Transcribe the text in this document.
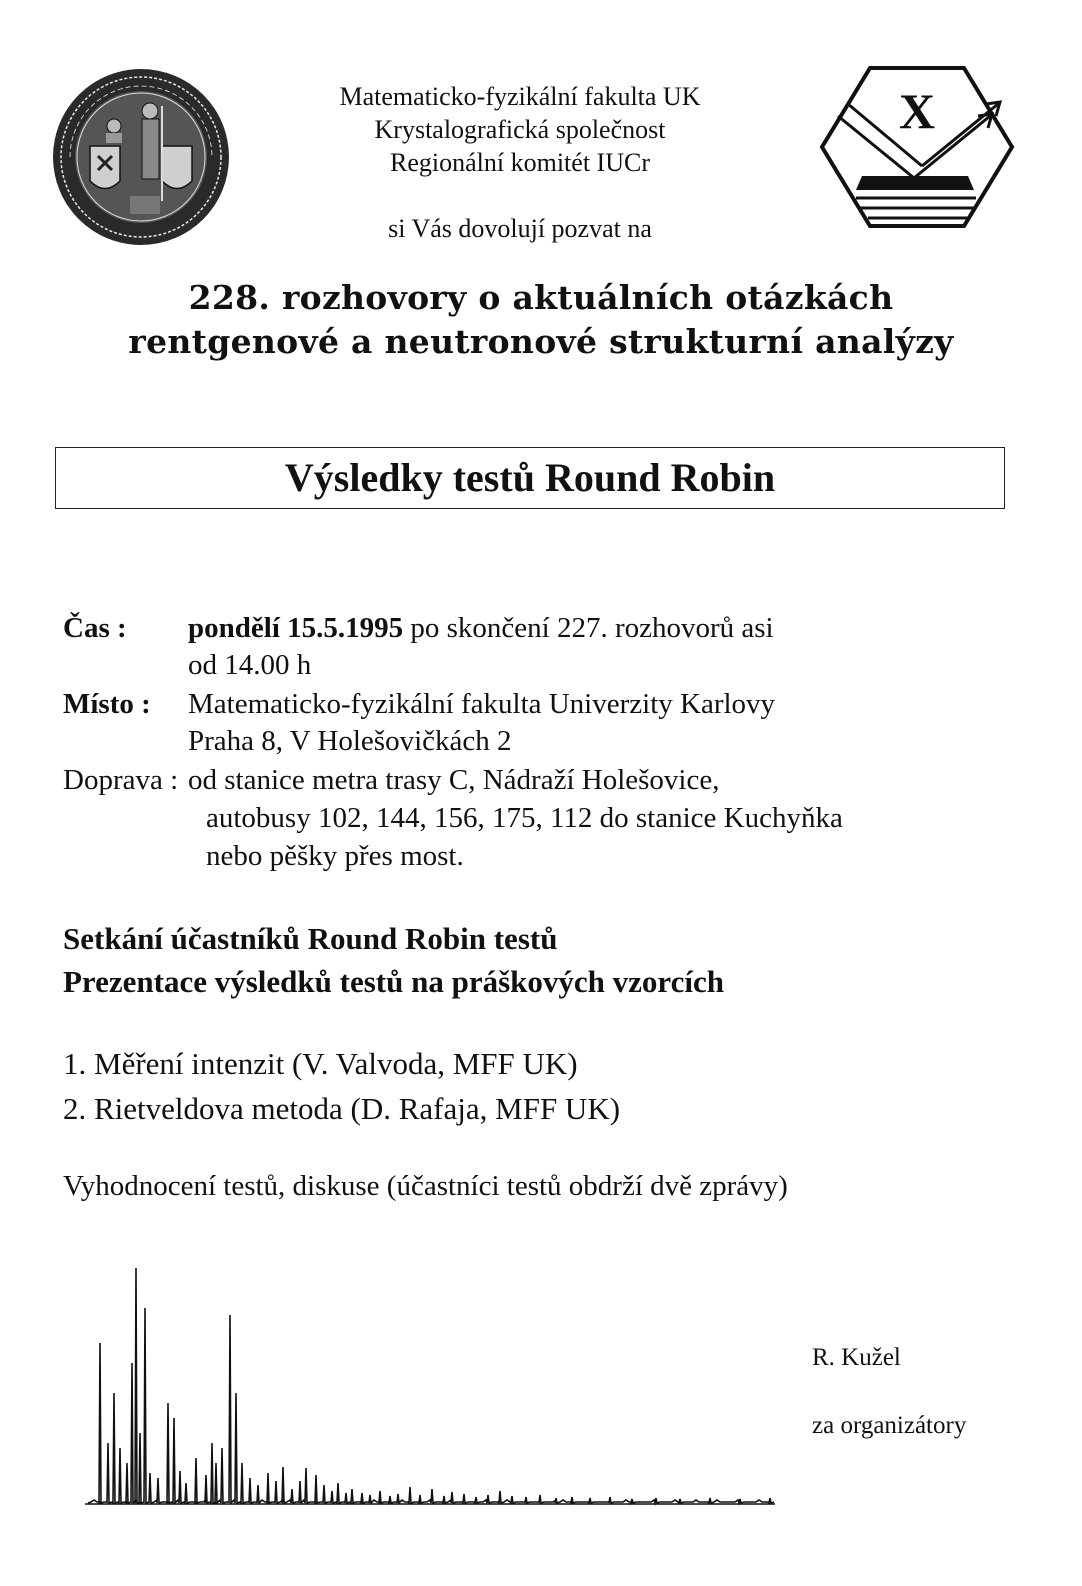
X
Matematicko-fyzikální fakulta UK
Krystalografická společnost
Regionální komitét IUCr
si Vás dovolují pozvat na
228. rozhovory o aktuálních otázkách
rentgenové a neutronové strukturní analýzy
Výsledky testů Round Robin
Čas : pondělí 15.5.1995 po skončení 227. rozhovorů asi
od 14.00 h
Místo : Matematicko-fyzikální fakulta Univerzity Karlovy
Praha 8, V Holešovičkách 2
Doprava : od stanice metra trasy C, Nádraží Holešovice,
autobusy 102, 144, 156, 175, 112 do stanice Kuchyňka
nebo pěšky přes most.
Setkání účastníků Round Robin testů
Prezentace výsledků testů na práškových vzorcích
1. Měření intenzit (V. Valvoda, MFF UK)
2. Rietveldova metoda (D. Rafaja, MFF UK)
Vyhodnocení testů, diskuse (účastníci testů obdrží dvě zprávy)
R. Kužel
za organizátory
